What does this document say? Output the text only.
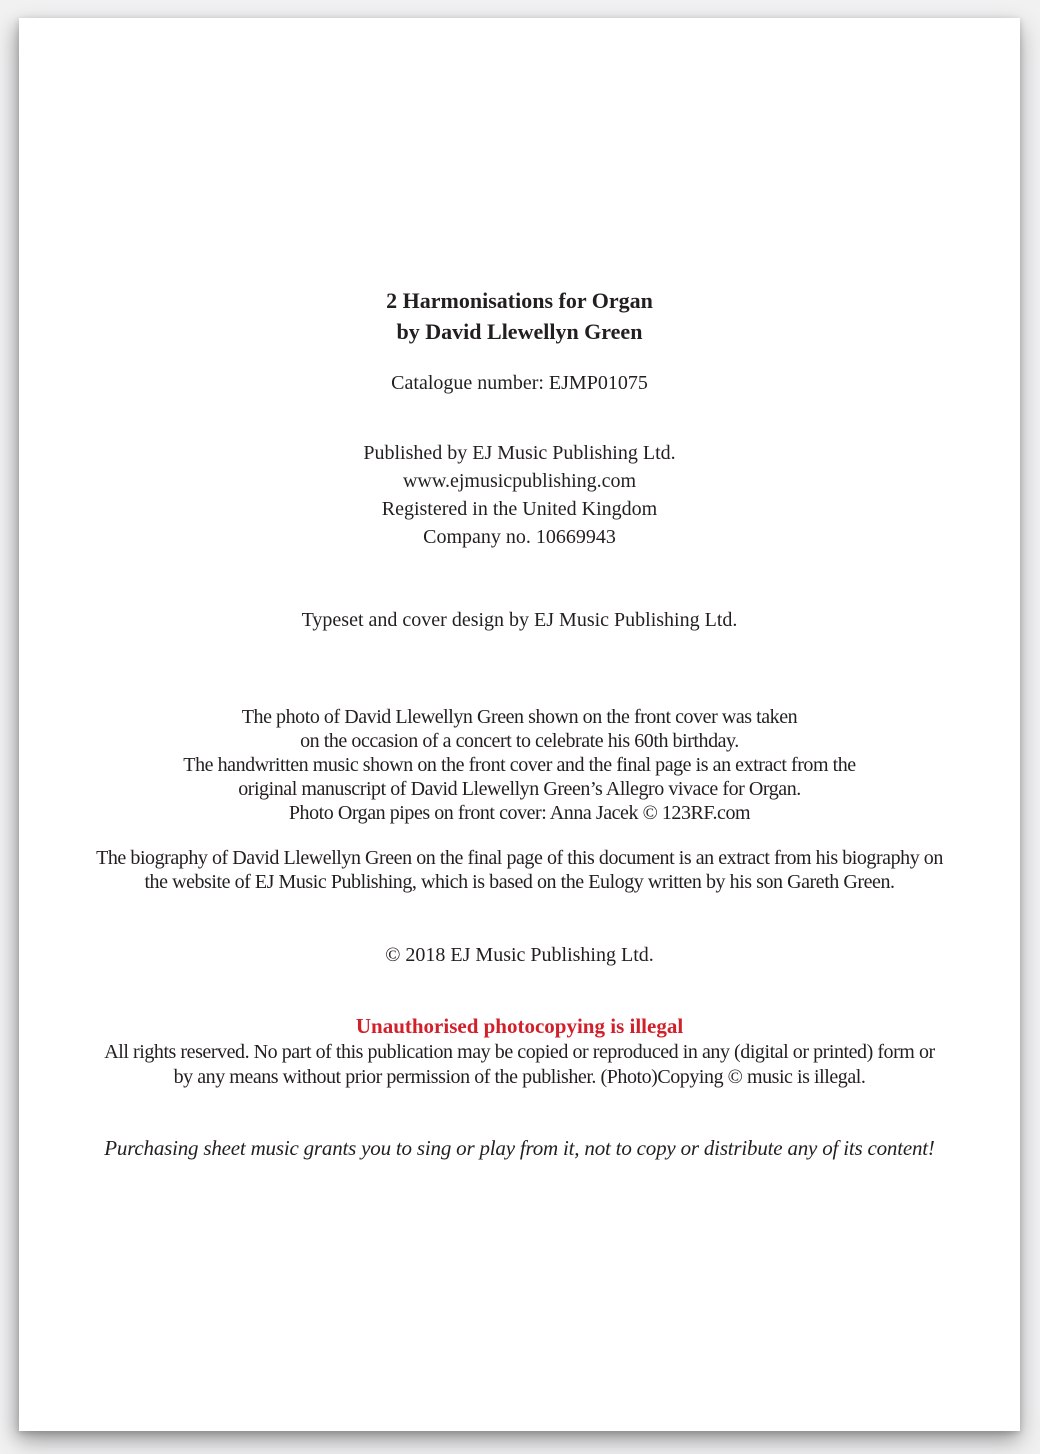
2 Harmonisations for Organ
by David Llewellyn Green
Catalogue number: EJMP01075
Published by EJ Music Publishing Ltd.
www.ejmusicpublishing.com
Registered in the United Kingdom
Company no. 10669943
Typeset and cover design by EJ Music Publishing Ltd.
The photo of David Llewellyn Green shown on the front cover was taken
on the occasion of a concert to celebrate his 60th birthday.
The handwritten music shown on the front cover and the final page is an extract from the
original manuscript of David Llewellyn Green’s Allegro vivace for Organ.
Photo Organ pipes on front cover: Anna Jacek © 123RF.com
The biography of David Llewellyn Green on the final page of this document is an extract from his biography on
the website of EJ Music Publishing, which is based on the Eulogy written by his son Gareth Green.
© 2018 EJ Music Publishing Ltd.
Unauthorised photocopying is illegal
All rights reserved. No part of this publication may be copied or reproduced in any (digital or printed) form or
by any means without prior permission of the publisher. (Photo)Copying © music is illegal.
Purchasing sheet music grants you to sing or play from it, not to copy or distribute any of its content!
